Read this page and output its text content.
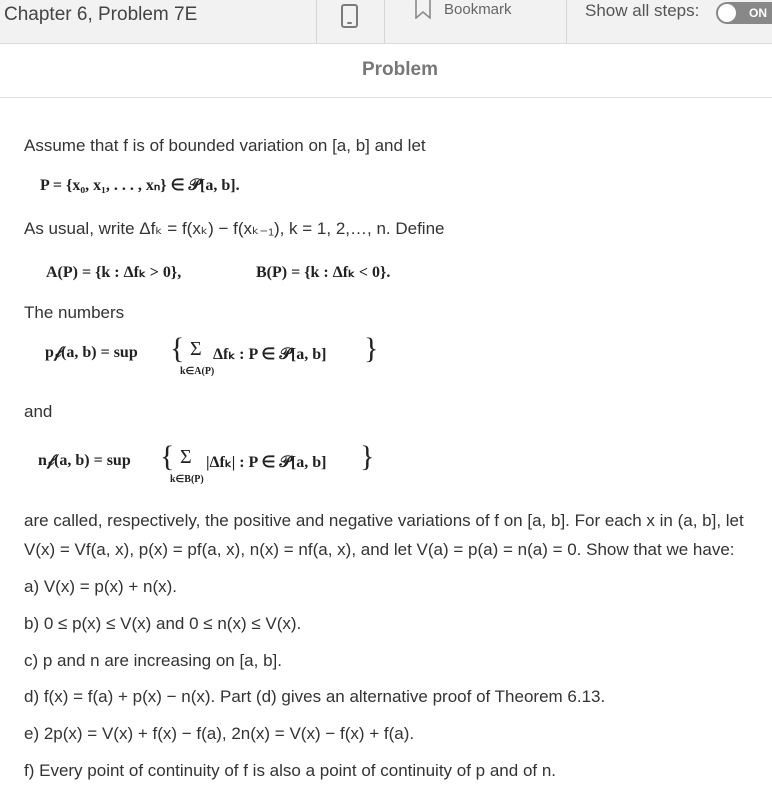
Chapter 6, Problem 7E	Bookmark	Show all steps:	ON
Problem
Assume that f is of bounded variation on [a, b] and let
P = {x₀, x₁, . . . , xₙ} ∈ 𝒫[a, b].
As usual, write Δfₖ = f(xₖ) − f(xₖ₋₁), k = 1, 2,…, n. Define
A(P) = {k : Δfₖ > 0},	B(P) = {k : Δfₖ < 0}.
The numbers
p𝒻(a, b) = sup { Σ Δfₖ : P ∈ 𝒫[a, b] }
k∈A(P)
and
n𝒻(a, b) = sup { Σ |Δfₖ| : P ∈ 𝒫[a, b] }
k∈B(P)
are called, respectively, the positive and negative variations of f on [a, b]. For each x in (a, b], let
V(x) = Vf(a, x), p(x) = pf(a, x), n(x) = nf(a, x), and let V(a) = p(a) = n(a) = 0. Show that we have:
a) V(x) = p(x) + n(x).
b) 0 ≤ p(x) ≤ V(x) and 0 ≤ n(x) ≤ V(x).
c) p and n are increasing on [a, b].
d) f(x) = f(a) + p(x) − n(x). Part (d) gives an alternative proof of Theorem 6.13.
e) 2p(x) = V(x) + f(x) − f(a), 2n(x) = V(x) − f(x) + f(a).
f) Every point of continuity of f is also a point of continuity of p and of n.
